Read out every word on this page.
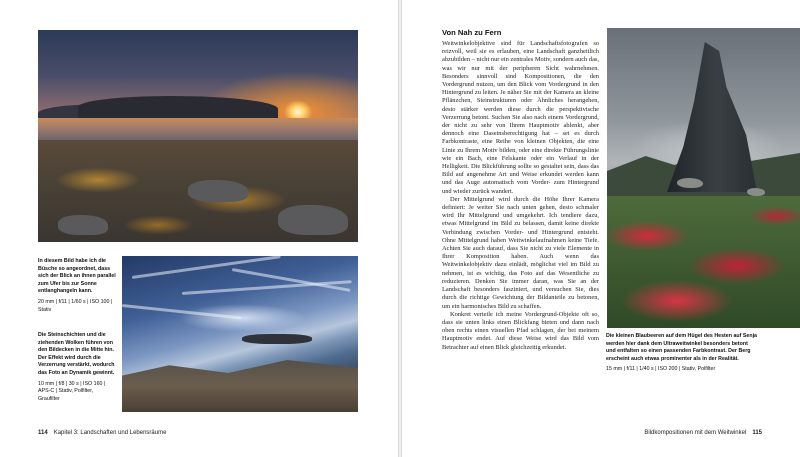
In diesem Bild habe ich die Büsche so angeordnet, dass sich der Blick an ihnen parallel zum Ufer bis zur Sonne entlanghangeln kann.
20 mm | f/11 | 1/60 s | ISO 100 | Stativ
Die Steinschichten und die ziehenden Wolken führen von den Bildecken in die Mitte hin. Der Effekt wird durch die Verzerrung verstärkt, wodurch das Foto an Dynamik gewinnt.
10 mm | f/8 | 30 s | ISO 160 | APS-C | Stativ, Polfilter, Graufilter
114 Kapitel 3: Landschaften und Lebensräume
Von Nah zu Fern

Weitwinkelobjektive sind für Landschaftsfotografen so reizvoll, weil sie es erlauben, eine Landschaft ganzheitlich abzubilden – nicht nur ein zentrales Motiv, sondern auch das, was wir nur mit der peripheren Sicht wahrnehmen. Besonders sinnvoll sind Kompositionen, die den Vordergrund nutzen, um den Blick vom Vordergrund in den Hintergrund zu leiten. Je näher Sie mit der Kamera an kleine Pflänzchen, Steinstrukturen oder Ähnliches herangehen, desto stärker werden diese durch die perspektivische Verzerrung betont. Suchen Sie also nach einem Vordergrund, der nicht zu sehr von Ihrem Hauptmotiv ablenkt, aber dennoch eine Daseinsberechtigung hat – sei es durch Farbkontraste, eine Reihe von kleinen Objekten, die eine Linie zu Ihrem Motiv bilden, oder eine direkte Führungslinie wie ein Bach, eine Felskante oder ein Verlauf in der Helligkeit. Die Blickführung sollte so gestaltet sein, dass das Bild auf angenehme Art und Weise erkundet werden kann und das Auge automatisch vom Vorder- zum Hintergrund und wieder zurück wandert.

Der Mittelgrund wird durch die Höhe Ihrer Kamera definiert: Je weiter Sie nach unten gehen, desto schmaler wird Ihr Mittelgrund und umgekehrt. Ich tendiere dazu, etwas Mittelgrund im Bild zu belassen, damit keine direkte Verbindung zwischen Vorder- und Hintergrund entsteht. Ohne Mittelgrund haben Weitwinkelaufnahmen keine Tiefe. Achten Sie auch darauf, dass Sie nicht zu viele Elemente in Ihrer Komposition haben. Auch wenn das Weitwinkelobjektiv dazu einlädt, möglichst viel im Bild zu nehmen, ist es wichtig, das Foto auf das Wesentliche zu reduzieren. Denken Sie immer daran, was Sie an der Landschaft besonders fasziniert, und versuchen Sie, dies durch die richtige Gewichtung der Bildanteile zu betonen, um ein harmonisches Bild zu schaffen.

Konkret verteile ich meine Vordergrund-Objekte oft so, dass sie unten links einen Blickfang bieten und dann nach oben rechts einen visuellen Pfad schlagen, der bei meinem Hauptmotiv endet. Auf diese Weise wird das Bild vom Betrachter auf einen Blick gleichzeitig erkundet.

Die kleinen Blaubeeren auf dem Hügel des Hesten auf Senja werden hier dank dem Ultraweitwinkel besonders betont und entfalten so einen passenden Farbkontrast. Der Berg erscheint auch etwas prominenter als in der Realität.
15 mm | f/11 | 1/40 s | ISO 200 | Stativ, Polfilter
Bildkompositionen mit dem Weitwinkel 115
